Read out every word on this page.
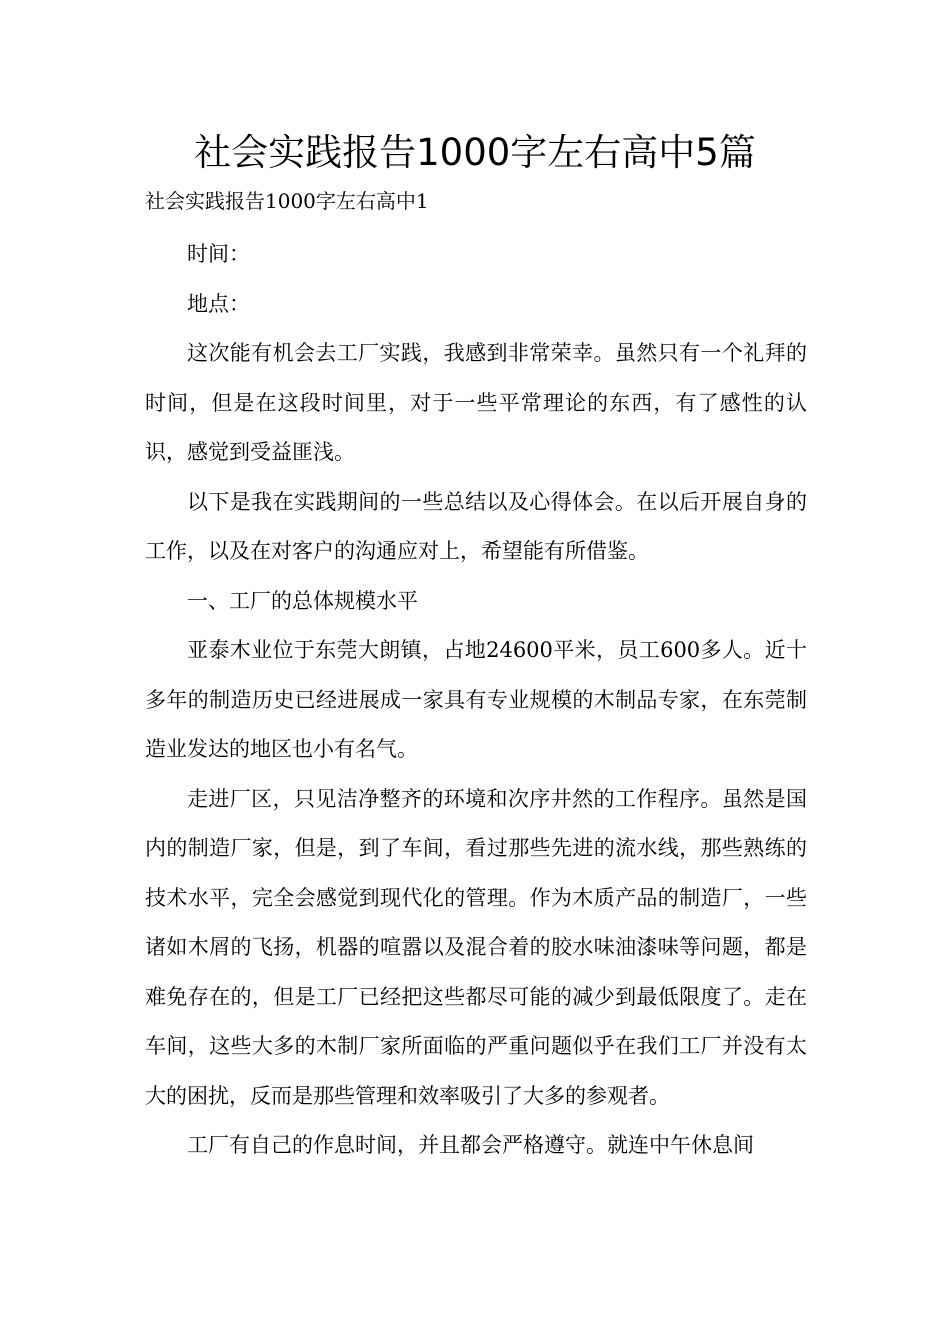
社会实践报告1000字左右高中5篇
社会实践报告1000字左右高中1

时间：

地点：

这次能有机会去工厂实践，我感到非常荣幸。虽然只有一个礼拜的时间，但是在这段时间里，对于一些平常理论的东西，有了感性的认识，感觉到受益匪浅。

以下是我在实践期间的一些总结以及心得体会。在以后开展自身的工作，以及在对客户的沟通应对上，希望能有所借鉴。

一、工厂的总体规模水平

亚泰木业位于东莞大朗镇，占地24600平米，员工600多人。近十多年的制造历史已经进展成一家具有专业规模的木制品专家，在东莞制造业发达的地区也小有名气。

走进厂区，只见洁净整齐的环境和次序井然的工作程序。虽然是国内的制造厂家，但是，到了车间，看过那些先进的流水线，那些熟练的技术水平，完全会感觉到现代化的管理。作为木质产品的制造厂，一些诸如木屑的飞扬，机器的喧嚣以及混合着的胶水味油漆味等问题，都是难免存在的，但是工厂已经把这些都尽可能的减少到最低限度了。走在车间，这些大多的木制厂家所面临的严重问题似乎在我们工厂并没有太大的困扰，反而是那些管理和效率吸引了大多的参观者。

工厂有自己的作息时间，并且都会严格遵守。就连中午休息间
